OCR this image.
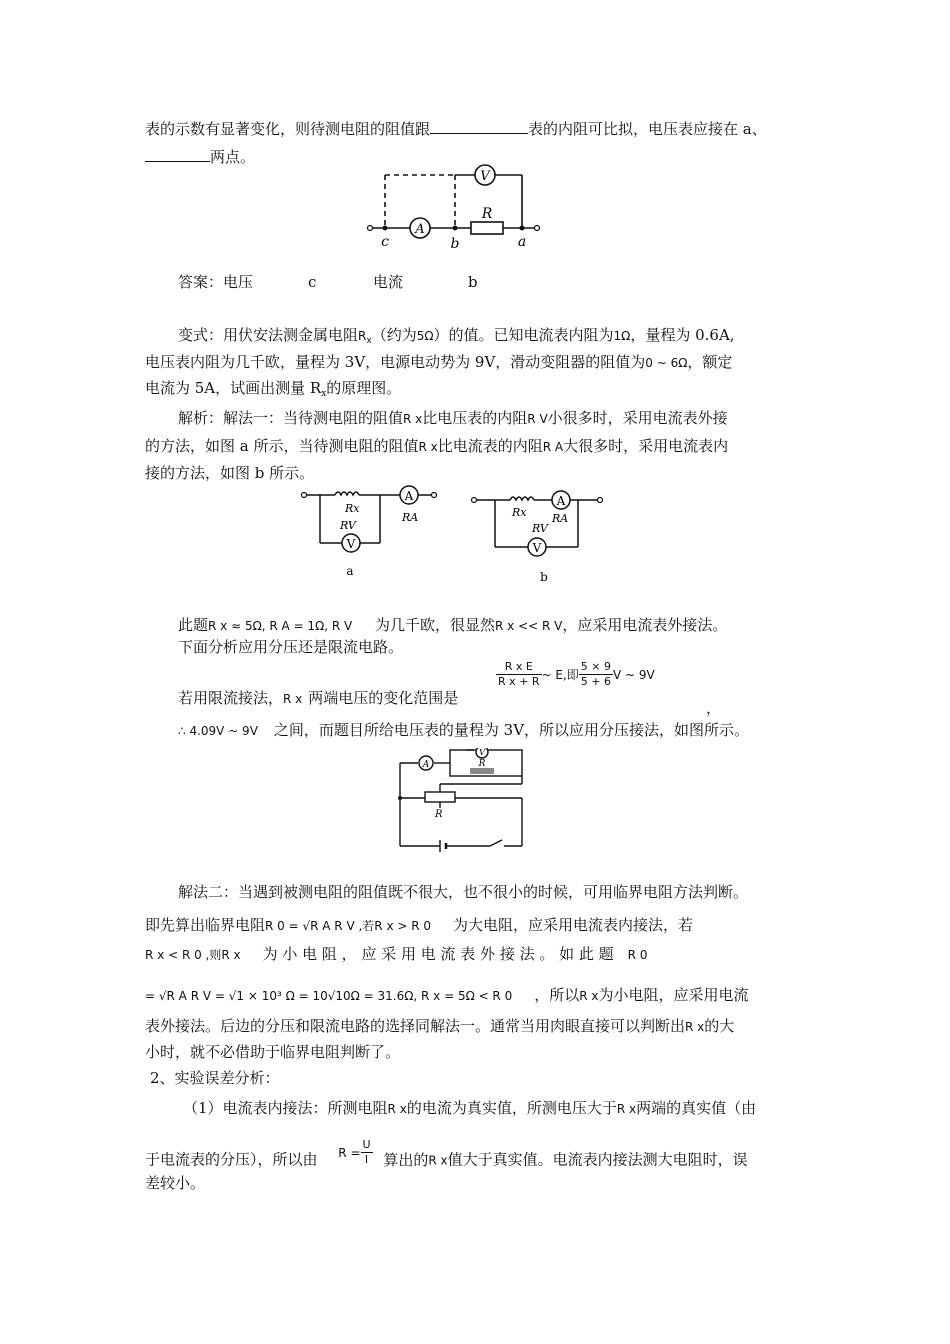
表的示数有显著变化，则待测电阻的阻值跟	表的内阻可比拟，电压表应接在 a、
两点。
V
A
R
c	b	a
答案：电压	c	电流	b
变式：用伏安法测金属电阻$R_x$（约为5Ω）的值。已知电流表内阻为1Ω，量程为 0.6A,
电压表内阻为几千欧，量程为 3V，电源电动势为 9V，滑动变阻器的阻值为0 ~ 6Ω，额定
电流为 5A，试画出测量 $R_x$的原理图。
解析：解法一：当待测电阻的阻值R x比电压表的内阻R V小很多时，采用电流表外接
的方法，如图 a 所示，当待测电阻的阻值R x比电流表的内阻R A大很多时，采用电流表内
接的方法，如图 b 所示。
A
V
Rx
RA
RV
a
A
V
Rx RA
RV
b
此题R x ≈ 5Ω, R A = 1Ω, R V 为几千欧，很显然R x << R V，应采用电流表外接法。
下面分析应用分压还是限流电路。
若用限流接法，R x 两端电压的变化范围是
$\frac{\text{R x E}}{\text{R x + R}}$ ~ E,即 $\frac{5 \times 9}{5 + 6}$ V ~ 9V
，
∴ 4.09V ~ 9V 之间，而题目所给电压表的量程为 3V，所以应用分压接法，如图所示。
A
V
R
R
解法二：当遇到被测电阻的阻值既不很大，也不很小的时候，可用临界电阻方法判断。
即先算出临界电阻R 0 = √R A R V ,若R x > R 0 为大电阻，应采用电流表内接法，若
R x < R 0 ,则R x 为 小 电 阻 ， 应 采 用 电 流 表 外 接 法 。 如 此 题 R 0
= √R A R V = √1 × 10³ Ω = 10√10Ω = 31.6Ω, R x = 5Ω < R 0 ，所以R x为小电阻，应采用电流
表外接法。后边的分压和限流电路的选择同解法一。通常当用肉眼直接可以判断出R x的大
小时，就不必借助于临界电阻判断了。
2、实验误差分析：
（1）电流表内接法：所测电阻R x的电流为真实值，所测电压大于R x两端的真实值（由
于电流表的分压），所以由 $^{R =} \frac{U}{I}$ 算出的R x值大于真实值。电流表内接法测大电阻时，误
差较小。
